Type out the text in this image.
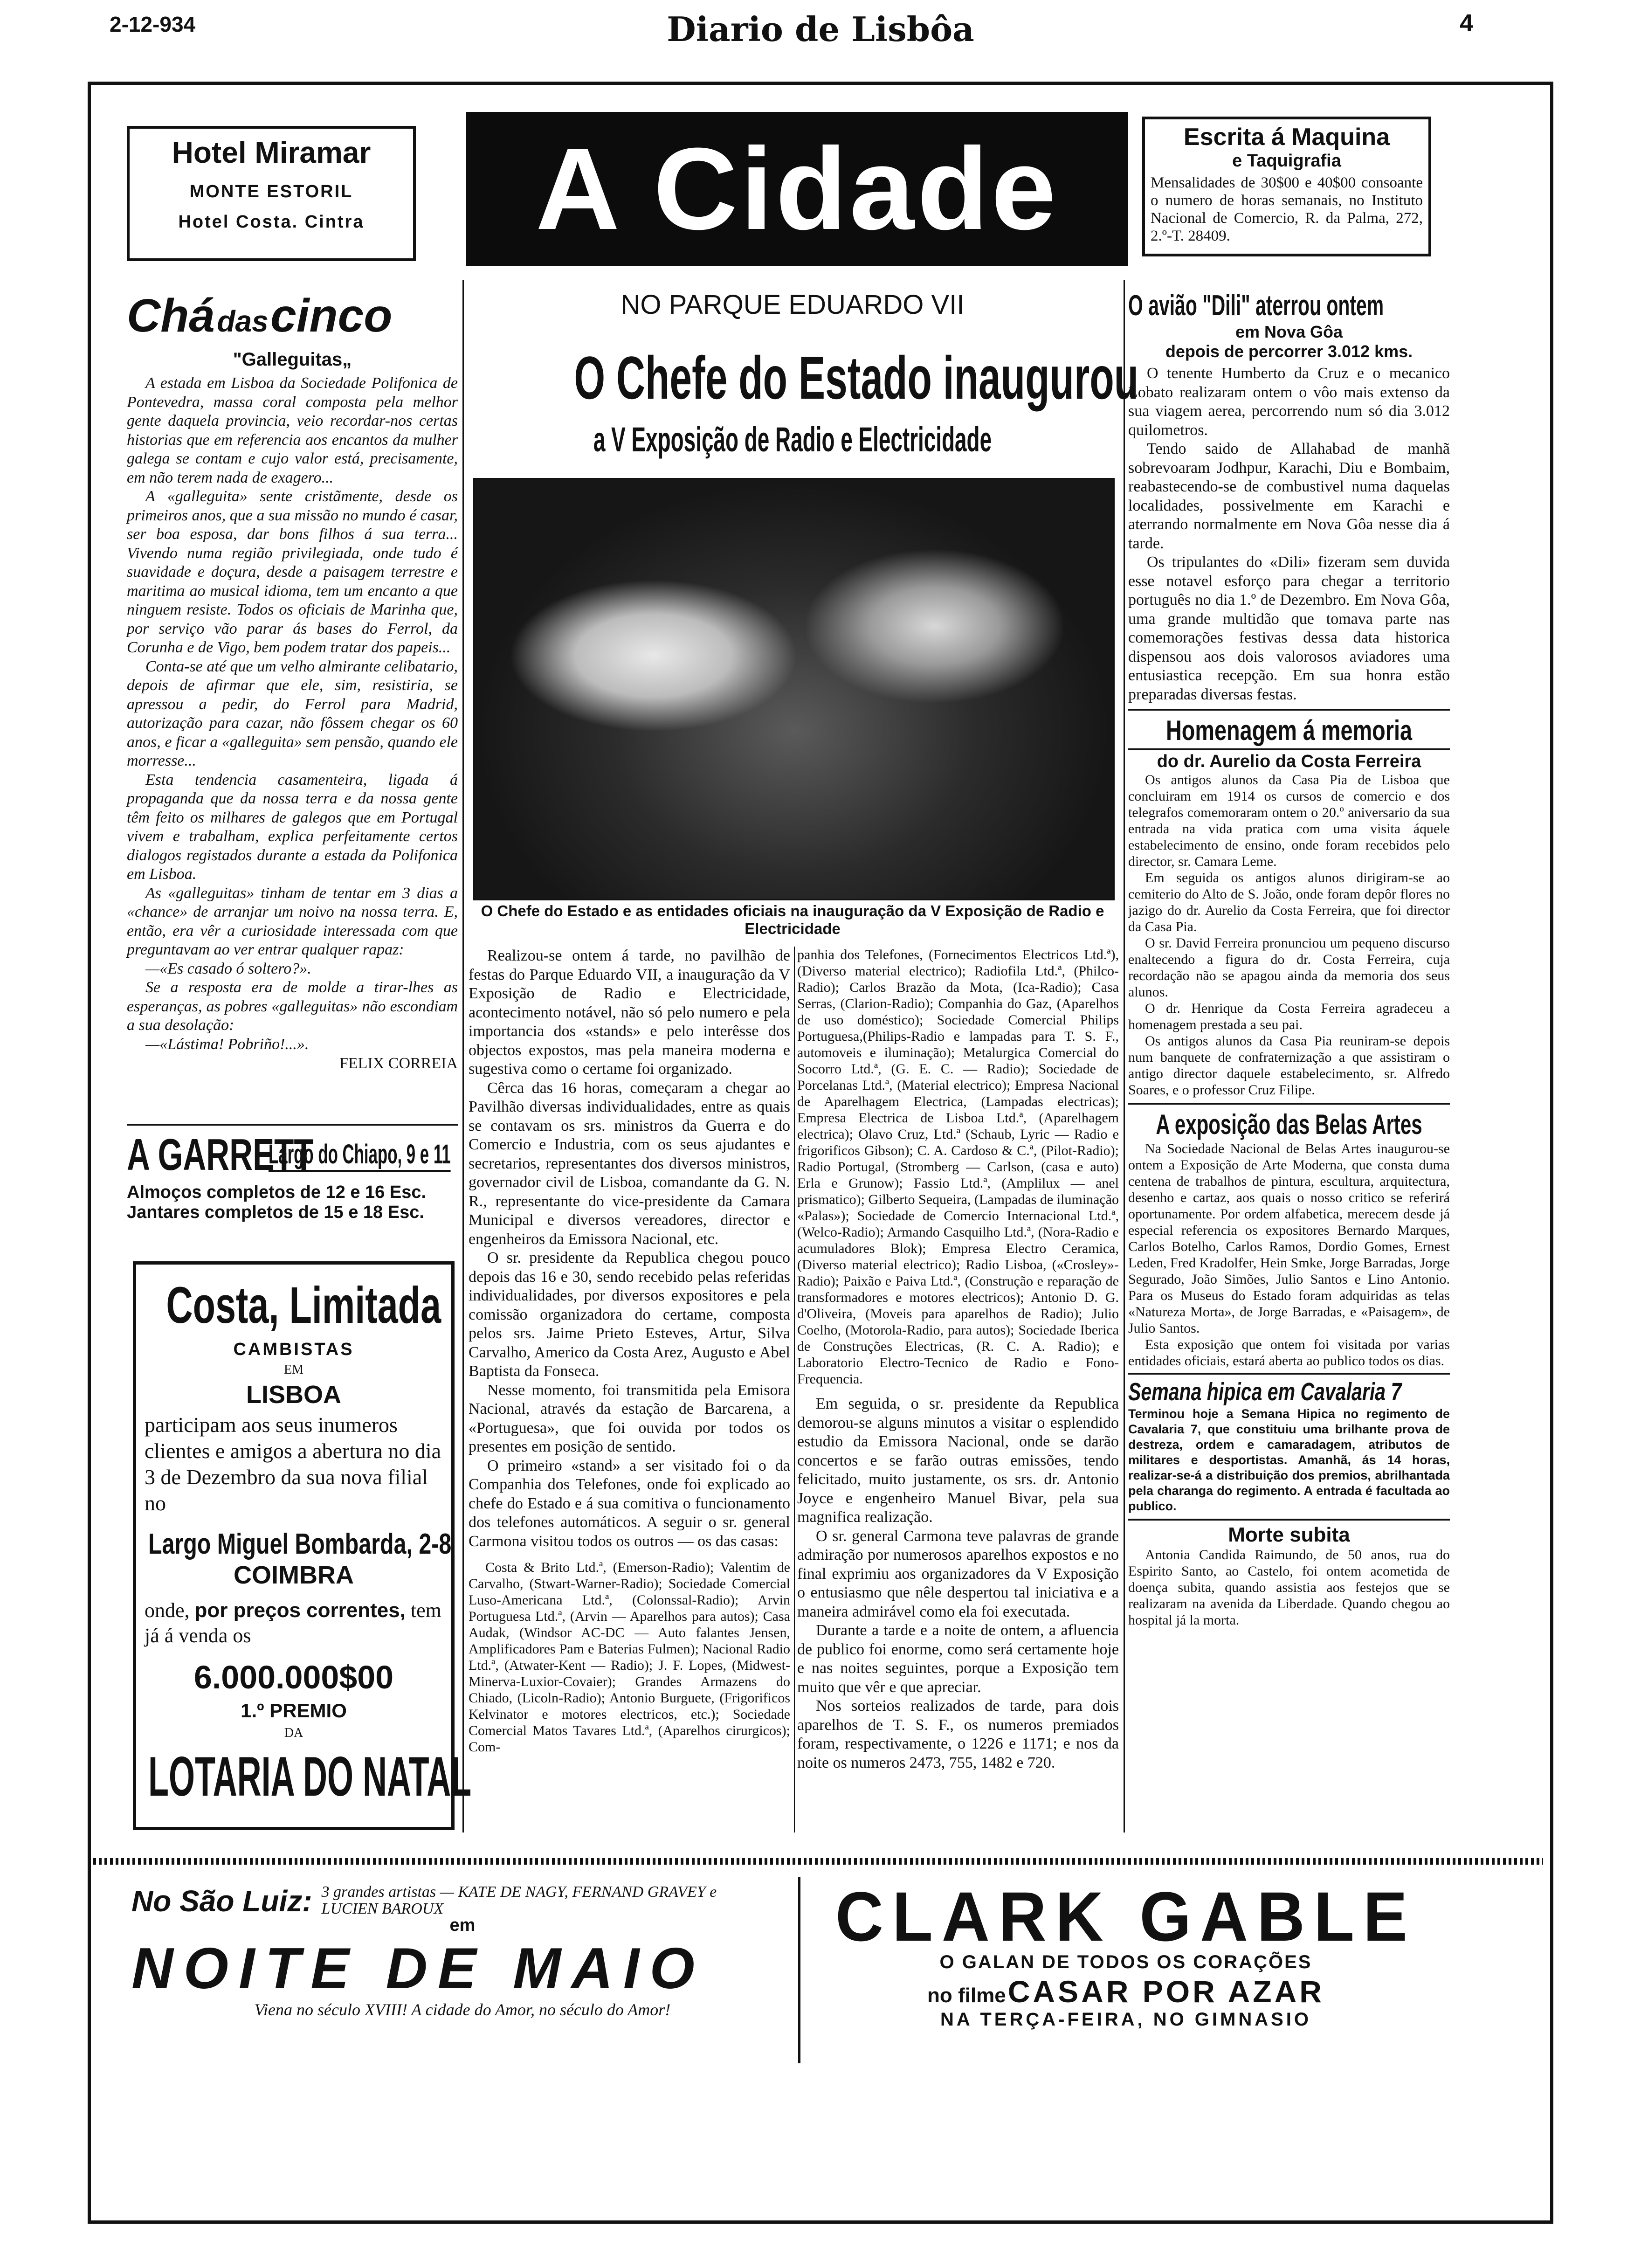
2-12-934	Diario de Lisbôa	4
Hotel Miramar
MONTE ESTORIL
Hotel Costa. Cintra	A Cidade	Escrita á Maquina
e Taquigrafia
Mensalidades de 30$00 e 40$00 consoante o numero de horas semanais, no Instituto Nacional de Comercio, R. da Palma, 272, 2.º-T. 28409.
Chá das cinco
"Galleguitas„

A estada em Lisboa da Sociedade Polifonica de Pontevedra, massa coral composta pela melhor gente daquela provincia, veio recordar-nos certas historias que em referencia aos encantos da mulher galega se contam e cujo valor está, precisamente, em não terem nada de exagero...

A «galleguita» sente cristãmente, desde os primeiros anos, que a sua missão no mundo é casar, ser boa esposa, dar bons filhos á sua terra... Vivendo numa região privilegiada, onde tudo é suavidade e doçura, desde a paisagem terrestre e maritima ao musical idioma, tem um encanto a que ninguem resiste. Todos os oficiais de Marinha que, por serviço vão parar ás bases do Ferrol, da Corunha e de Vigo, bem podem tratar dos papeis...

Conta-se até que um velho almirante celibatario, depois de afirmar que ele, sim, resistiria, se apressou a pedir, do Ferrol para Madrid, autorização para cazar, não fôssem chegar os 60 anos, e ficar a «galleguita» sem pensão, quando ele morresse...

Esta tendencia casamenteira, ligada á propaganda que da nossa terra e da nossa gente têm feito os milhares de galegos que em Portugal vivem e trabalham, explica perfeitamente certos dialogos registados durante a estada da Polifonica em Lisboa.

As «galleguitas» tinham de tentar em 3 dias a «chance» de arranjar um noivo na nossa terra. E, então, era vêr a curiosidade interessada com que preguntavam ao ver entrar qualquer rapaz:

—«Es casado ó soltero?».

Se a resposta era de molde a tirar-lhes as esperanças, as pobres «galleguitas» não escondiam a sua desolação:

—«Lástima! Pobriño!...».

FELIX CORREIA
A GARRETT Largo do Chiapo, 9 e 11
Almoços completos de 12 e 16 Esc.
Jantares completos de 15 e 18 Esc.
Costa, Limitada
CAMBISTAS
EM
LISBOA
participam aos seus inumeros clientes e amigos a abertura no dia 3 de Dezembro da sua nova filial no
Largo Miguel Bombarda, 2-8
COIMBRA
onde, por preços correntes, tem já á venda os
6.000.000$00
1.º PREMIO
DA
LOTARIA DO NATAL
NO PARQUE EDUARDO VII
O Chefe do Estado inaugurou
a V Exposição de Radio e Electricidade
O Chefe do Estado e as entidades oficiais na inauguração da V Exposição de Radio e Electricidade

Realizou-se ontem á tarde, no pavilhão de festas do Parque Eduardo VII, a inauguração da V Exposição de Radio e Electricidade, acontecimento notável, não só pelo numero e pela importancia dos «stands» e pelo interêsse dos objectos expostos, mas pela maneira moderna e sugestiva como o certame foi organizado.

Cêrca das 16 horas, começaram a chegar ao Pavilhão diversas individualidades, entre as quais se contavam os srs. ministros da Guerra e do Comercio e Industria, com os seus ajudantes e secretarios, representantes dos diversos ministros, governador civil de Lisboa, comandante da G. N. R., representante do vice-presidente da Camara Municipal e diversos vereadores, director e engenheiros da Emissora Nacional, etc.

O sr. presidente da Republica chegou pouco depois das 16 e 30, sendo recebido pelas referidas individualidades, por diversos expositores e pela comissão organizadora do certame, composta pelos srs. Jaime Prieto Esteves, Artur, Silva Carvalho, Americo da Costa Arez, Augusto e Abel Baptista da Fonseca.

Nesse momento, foi transmitida pela Emisora Nacional, através da estação de Barcarena, a «Portuguesa», que foi ouvida por todos os presentes em posição de sentido.

O primeiro «stand» a ser visitado foi o da Companhia dos Telefones, onde foi explicado ao chefe do Estado e á sua comitiva o funcionamento dos telefones automáticos. A seguir o sr. general Carmona visitou todos os outros — os das casas:

Costa & Brito Ltd.ª, (Emerson-Radio); Valentim de Carvalho, (Stwart-Warner-Radio); Sociedade Comercial Luso-Americana Ltd.ª, (Colonssal-Radio); Arvin Portuguesa Ltd.ª, (Arvin — Aparelhos para autos); Casa Audak, (Windsor AC-DC — Auto falantes Jensen, Amplificadores Pam e Baterias Fulmen); Nacional Radio Ltd.ª, (Atwater-Kent — Radio); J. F. Lopes, (Midwest-Minerva-Luxior-Covaier); Grandes Armazens do Chiado, (Licoln-Radio); Antonio Burguete, (Frigorificos Kelvinator e motores electricos, etc.); Sociedade Comercial Matos Tavares Ltd.ª, (Aparelhos cirurgicos); Com-

panhia dos Telefones, (Fornecimentos Electricos Ltd.ª), (Diverso material electrico); Radiofila Ltd.ª, (Philco-Radio); Carlos Brazão da Mota, (Ica-Radio); Casa Serras, (Clarion-Radio); Companhia do Gaz, (Aparelhos de uso doméstico); Sociedade Comercial Philips Portuguesa,(Philips-Radio e lampadas para T. S. F., automoveis e iluminação); Metalurgica Comercial do Socorro Ltd.ª, (G. E. C. — Radio); Sociedade de Porcelanas Ltd.ª, (Material electrico); Empresa Nacional de Aparelhagem Electrica, (Lampadas electricas); Empresa Electrica de Lisboa Ltd.ª, (Aparelhagem electrica); Olavo Cruz, Ltd.ª (Schaub, Lyric — Radio e frigorificos Gibson); C. A. Cardoso & C.ª, (Pilot-Radio); Radio Portugal, (Stromberg — Carlson, (casa e auto) Erla e Grunow); Fassio Ltd.ª, (Amplilux — anel prismatico); Gilberto Sequeira, (Lampadas de iluminação «Palas»); Sociedade de Comercio Internacional Ltd.ª, (Welco-Radio); Armando Casquilho Ltd.ª, (Nora-Radio e acumuladores Blok); Empresa Electro Ceramica, (Diverso material electrico); Radio Lisboa, («Crosley»-Radio); Paixão e Paiva Ltd.ª, (Construção e reparação de transformadores e motores electricos); Antonio D. G. d'Oliveira, (Moveis para aparelhos de Radio); Julio Coelho, (Motorola-Radio, para autos); Sociedade Iberica de Construções Electricas, (R. C. A. Radio); e Laboratorio Electro-Tecnico de Radio e Fono-Frequencia.

Em seguida, o sr. presidente da Republica demorou-se alguns minutos a visitar o esplendido estudio da Emissora Nacional, onde se darão concertos e se farão outras emissões, tendo felicitado, muito justamente, os srs. dr. Antonio Joyce e engenheiro Manuel Bivar, pela sua magnifica realização.

O sr. general Carmona teve palavras de grande admiração por numerosos aparelhos expostos e no final exprimiu aos organizadores da V Exposição o entusiasmo que nêle despertou tal iniciativa e a maneira admirável como ela foi executada.

Durante a tarde e a noite de ontem, a afluencia de publico foi enorme, como será certamente hoje e nas noites seguintes, porque a Exposição tem muito que vêr e que apreciar.

Nos sorteios realizados de tarde, para dois aparelhos de T. S. F., os numeros premiados foram, respectivamente, o 1226 e 1171; e nos da noite os numeros 2473, 755, 1482 e 720.

O avião "Dili" aterrou ontem
em Nova Gôa
depois de percorrer 3.012 kms.

O tenente Humberto da Cruz e o mecanico Lobato realizaram ontem o vôo mais extenso da sua viagem aerea, percorrendo num só dia 3.012 quilometros.

Tendo saido de Allahabad de manhã sobrevoaram Jodhpur, Karachi, Diu e Bombaim, reabastecendo-se de combustivel numa daquelas localidades, possivelmente em Karachi e aterrando normalmente em Nova Gôa nesse dia á tarde.

Os tripulantes do «Dili» fizeram sem duvida esse notavel esforço para chegar a territorio português no dia 1.º de Dezembro. Em Nova Gôa, uma grande multidão que tomava parte nas comemorações festivas dessa data historica dispensou aos dois valorosos aviadores uma entusiastica recepção. Em sua honra estão preparadas diversas festas.

Homenagem á memoria
do dr. Aurelio da Costa Ferreira

Os antigos alunos da Casa Pia de Lisboa que concluiram em 1914 os cursos de comercio e dos telegrafos comemoraram ontem o 20.º aniversario da sua entrada na vida pratica com uma visita áquele estabelecimento de ensino, onde foram recebidos pelo director, sr. Camara Leme.

Em seguida os antigos alunos dirigiram-se ao cemiterio do Alto de S. João, onde foram depôr flores no jazigo do dr. Aurelio da Costa Ferreira, que foi director da Casa Pia.

O sr. David Ferreira pronunciou um pequeno discurso enaltecendo a figura do dr. Costa Ferreira, cuja recordação não se apagou ainda da memoria dos seus alunos.

O dr. Henrique da Costa Ferreira agradeceu a homenagem prestada a seu pai.

Os antigos alunos da Casa Pia reuniram-se depois num banquete de confraternização a que assistiram o antigo director daquele estabelecimento, sr. Alfredo Soares, e o professor Cruz Filipe.

A exposição das Belas Artes

Na Sociedade Nacional de Belas Artes inaugurou-se ontem a Exposição de Arte Moderna, que consta duma centena de trabalhos de pintura, escultura, arquitectura, desenho e cartaz, aos quais o nosso critico se referirá oportunamente. Por ordem alfabetica, merecem desde já especial referencia os expositores Bernardo Marques, Carlos Botelho, Carlos Ramos, Dordio Gomes, Ernest Leden, Fred Kradolfer, Hein Smke, Jorge Barradas, Jorge Segurado, João Simões, Julio Santos e Lino Antonio. Para os Museus do Estado foram adquiridas as telas «Natureza Morta», de Jorge Barradas, e «Paisagem», de Julio Santos.

Esta exposição que ontem foi visitada por varias entidades oficiais, estará aberta ao publico todos os dias.

Semana hipica em Cavalaria 7
Terminou hoje a Semana Hipica no regimento de Cavalaria 7, que constituiu uma brilhante prova de destreza, ordem e camaradagem, atributos de militares e desportistas. Amanhã, ás 14 horas, realizar-se-á a distribuição dos premios, abrilhantada pela charanga do regimento. A entrada é facultada ao publico.
Morte subita
Antonia Candida Raimundo, de 50 anos, rua do Espirito Santo, ao Castelo, foi ontem acometida de doença subita, quando assistia aos festejos que se realizaram na avenida da Liberdade. Quando chegou ao hospital já la morta.
No São Luiz: 3 grandes artistas — KATE DE NAGY, FERNAND GRAVEY e LUCIEN BAROUX
em
NOITE DE MAIO
Viena no século XVIII! A cidade do Amor, no século do Amor!
CLARK GABLE
O GALAN DE TODOS OS CORAÇÕES
no filme CASAR POR AZAR
NA TERÇA-FEIRA, NO GIMNASIO
